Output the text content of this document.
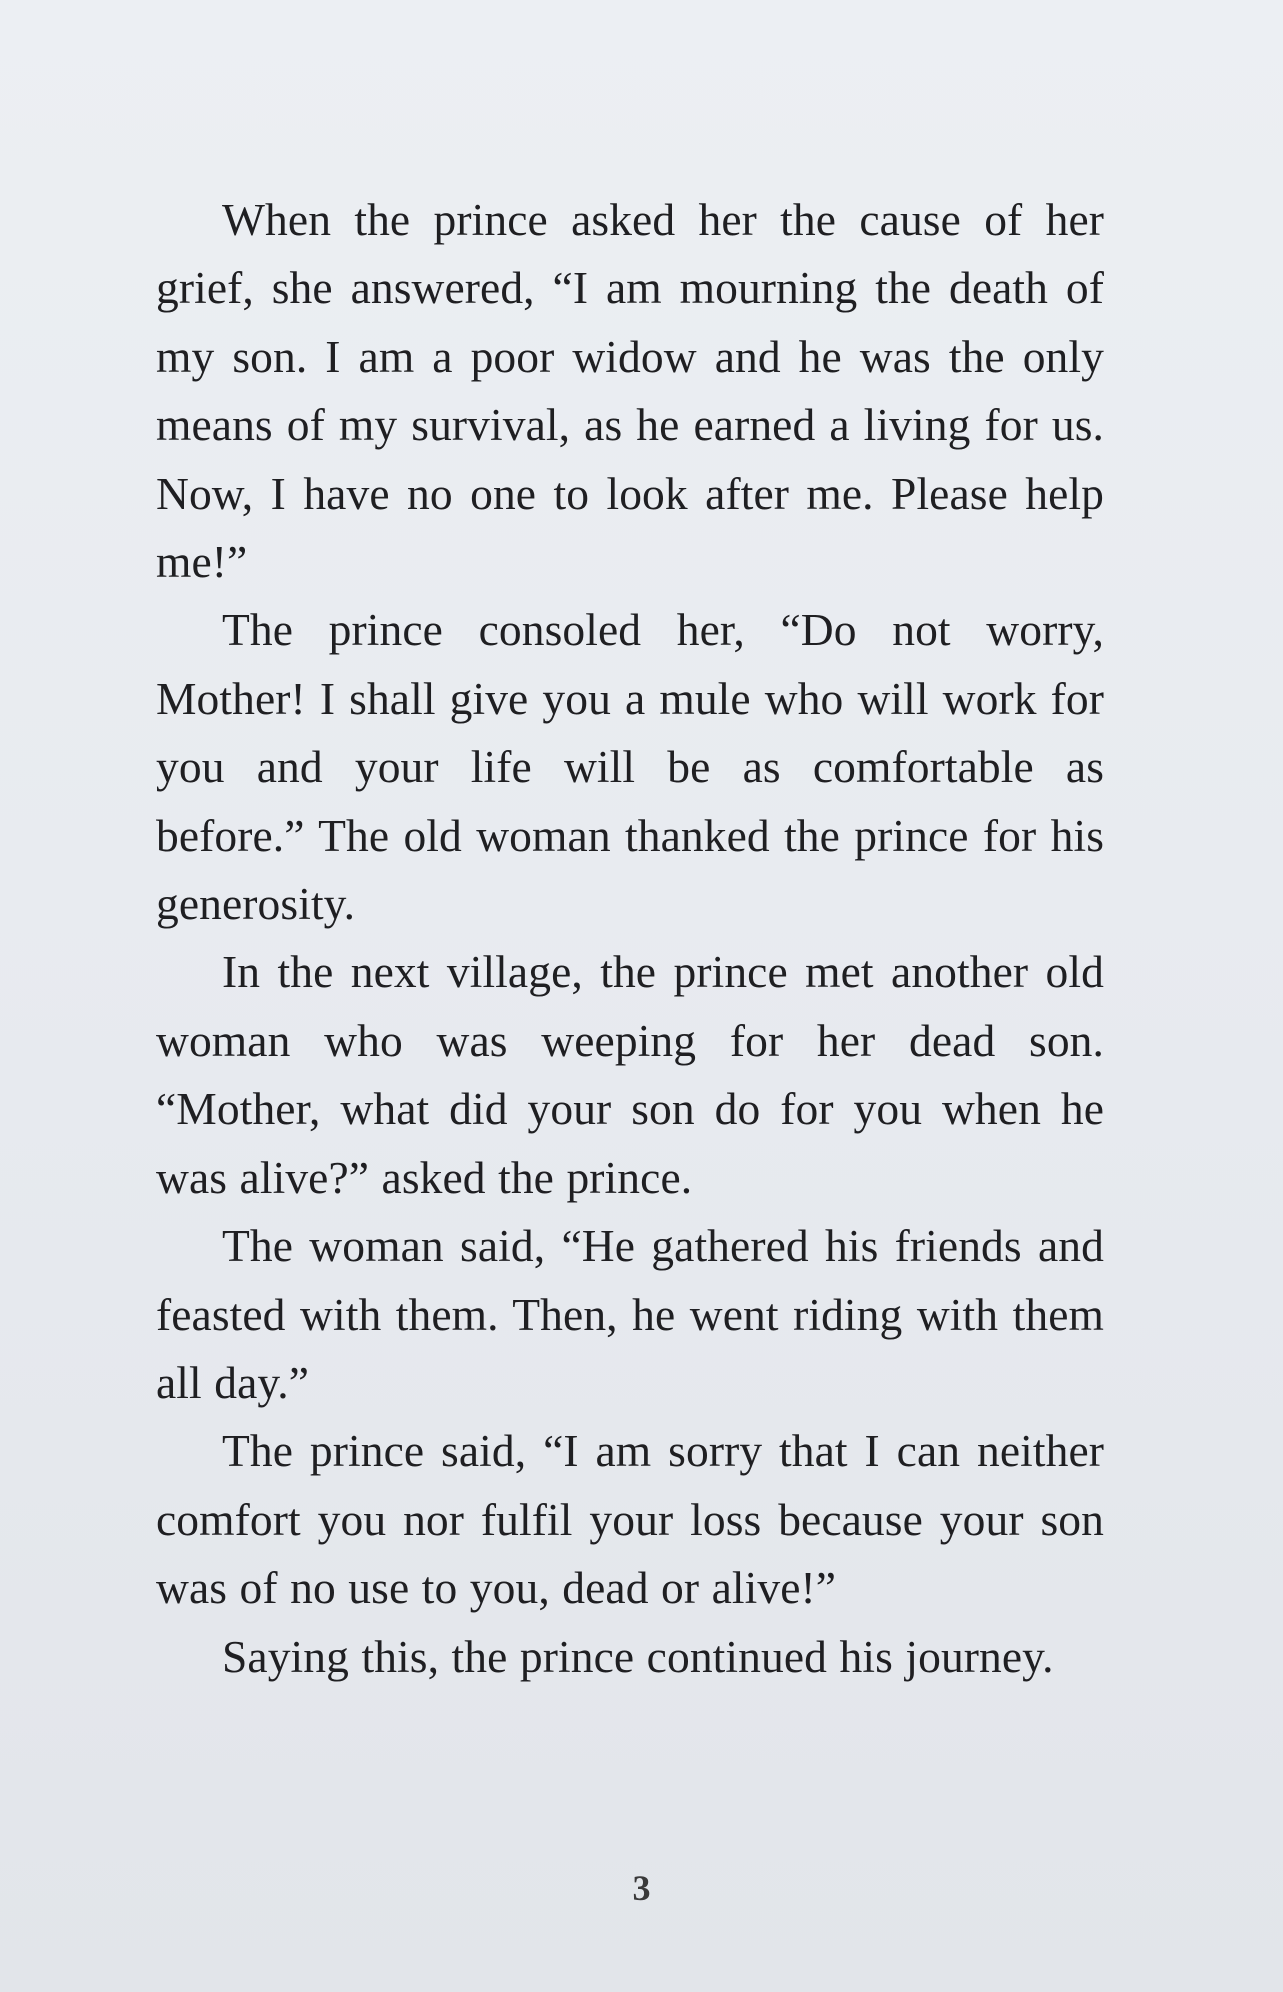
When the prince asked her the cause of her grief, she answered, “I am mourning the death of my son. I am a poor widow and he was the only means of my survival, as he earned a living for us. Now, I have no one to look after me. Please help me!”

The prince consoled her, “Do not worry, Mother! I shall give you a mule who will work for you and your life will be as comfortable as before.” The old woman thanked the prince for his generosity.

In the next village, the prince met another old woman who was weeping for her dead son. “Mother, what did your son do for you when he was alive?” asked the prince.

The woman said, “He gathered his friends and feasted with them. Then, he went riding with them all day.”

The prince said, “I am sorry that I can neither comfort you nor fulfil your loss because your son was of no use to you, dead or alive!”

Saying this, the prince continued his journey.

3
